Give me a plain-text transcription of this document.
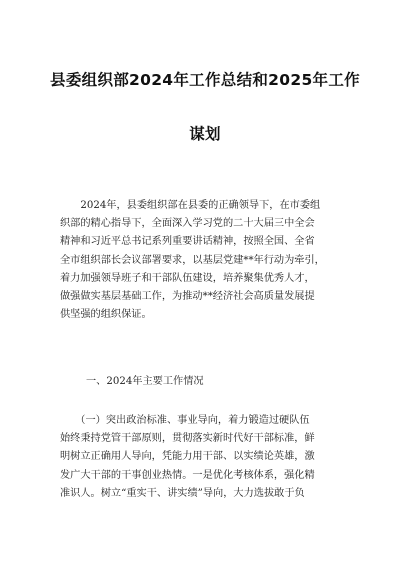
县委组织部2024年工作总结和2025年工作
谋划
　　2024年，县委组织部在县委的正确领导下，在市委组
织部的精心指导下，全面深入学习党的二十大届三中全会
精神和习近平总书记系列重要讲话精神，按照全国、全省
全市组织部长会议部署要求，以基层党建**年行动为牵引，
着力加强领导班子和干部队伍建设，培养聚集优秀人才，
做强做实基层基础工作，为推动**经济社会高质量发展提
供坚强的组织保证。
一、2024年主要工作情况
　　（一）突出政治标准、事业导向，着力锻造过硬队伍
始终秉持党管干部原则，贯彻落实新时代好干部标准，鲜
明树立正确用人导向，凭能力用干部、以实绩论英雄，激
发广大干部的干事创业热情。一是优化考核体系，强化精
准识人。树立“重实干、讲实绩”导向，大力选拔敢于负
